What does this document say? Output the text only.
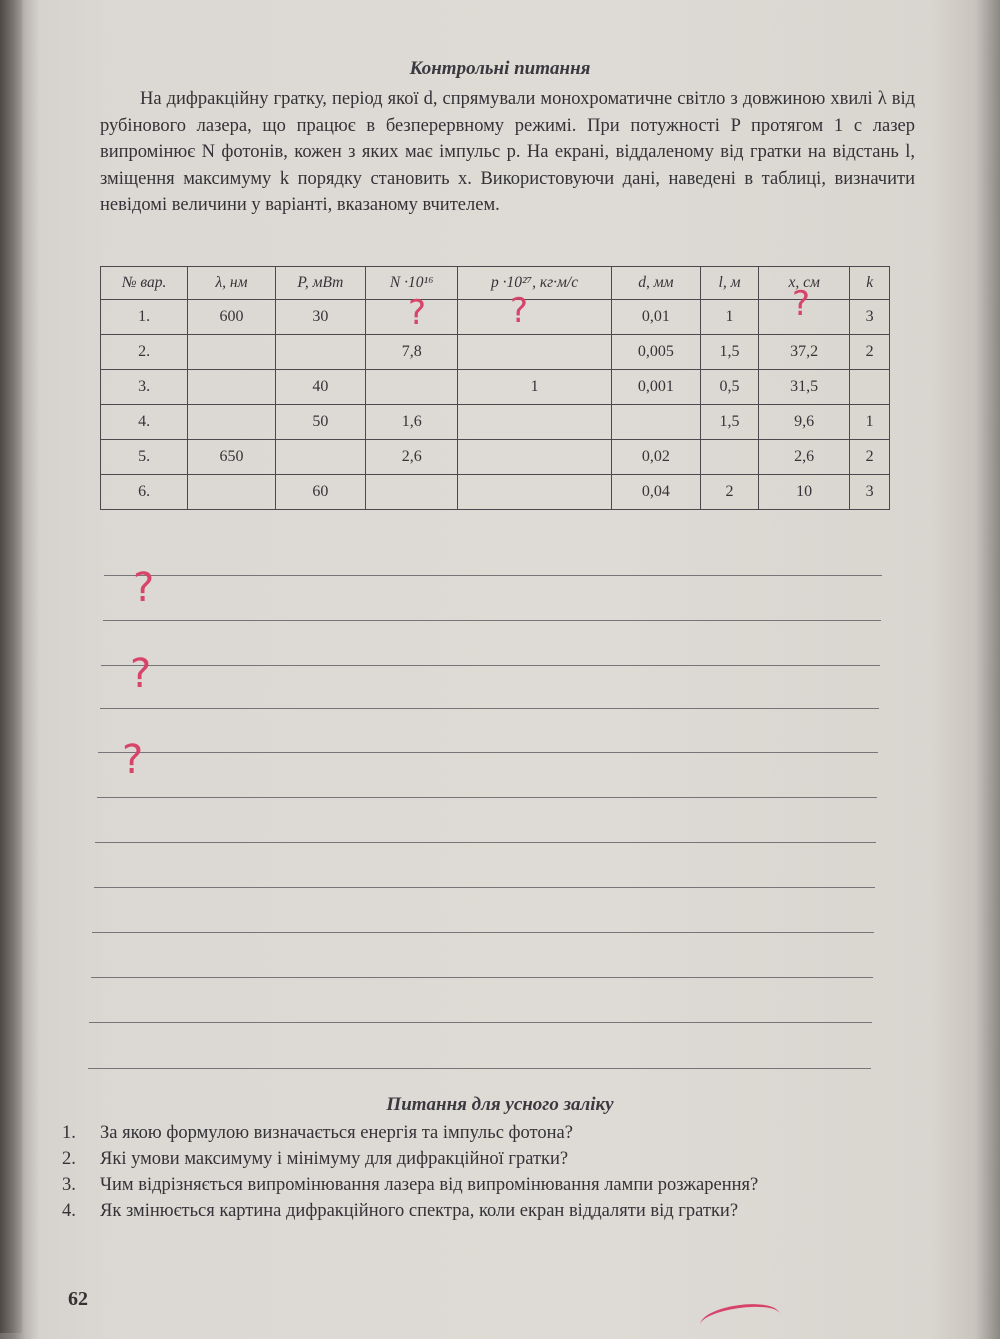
Контрольні питання
На дифракційну гратку, період якої d, спрямували монохроматичне світло з довжиною хвилі λ від рубінового лазера, що працює в безперервному режимі. При потужності P протягом 1 с лазер випромінює N фотонів, кожен з яких має імпульс p. На екрані, віддаленому від гратки на відстань l, зміщення максимуму k порядку становить x. Використовуючи дані, наведені в таблиці, визначити невідомі величини у варіанті, вказаному вчителем.
№ вар.	λ, нм	P, мВт	N ·10¹⁶	p ·10²⁷, кг·м/с	d, мм	l, м	x, см	k
1.	600	30			0,01	1		3
2.			7,8		0,005	1,5	37,2	2
3.		40		1	0,001	0,5	31,5	
4.		50	1,6			1,5	9,6	1
5.	650		2,6		0,02		2,6	2
6.		60			0,04	2	10	3
? ?	?
?
?
?
Питання для усного заліку
1.	За якою формулою визначається енергія та імпульс фотона?
2.	Які умови максимуму і мінімуму для дифракційної гратки?
3.	Чим відрізняється випромінювання лазера від випромінювання лампи розжарення?
4.	Як змінюється картина дифракційного спектра, коли екран віддаляти від гратки?
62
